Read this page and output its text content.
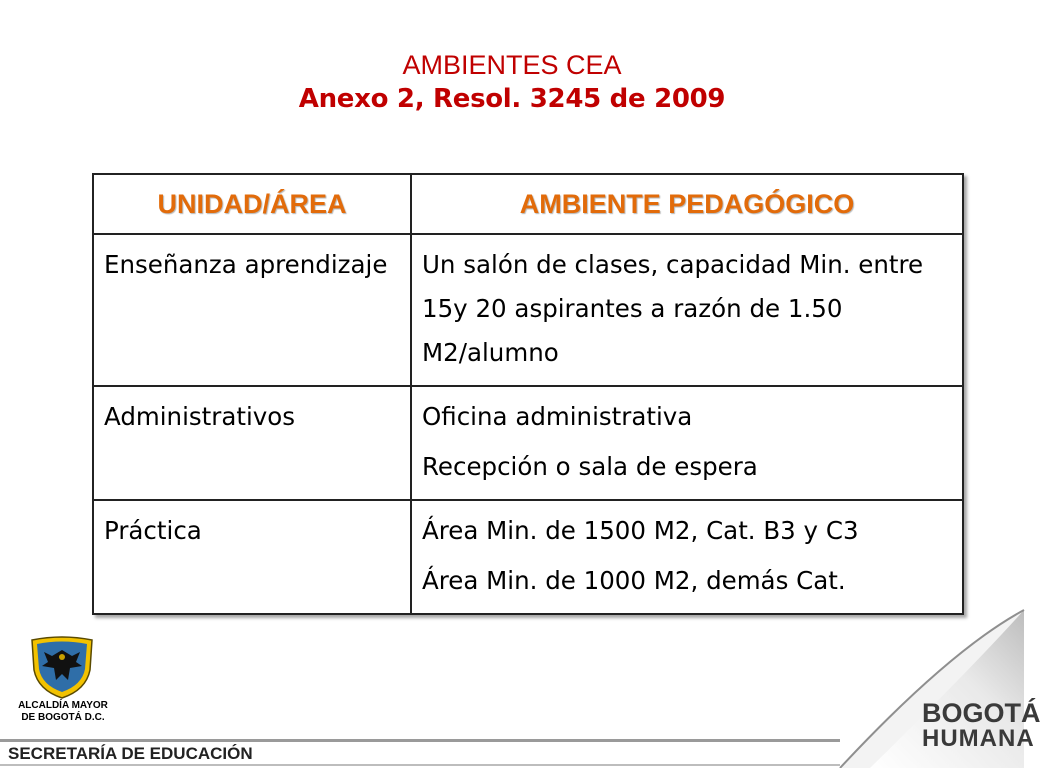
AMBIENTES CEA
Anexo 2, Resol. 3245 de 2009
UNIDAD/ÁREA	AMBIENTE PEDAGÓGICO
Enseñanza aprendizaje	Un salón de clases, capacidad Min. entre 15y 20 aspirantes a razón de 1.50 M2/alumno
Administrativos	Oficina administrativa
Recepción o sala de espera

Práctica	Área Min. de 1500 M2, Cat. B3 y C3
Área Min. de 1000 M2, demás Cat.
ALCALDÍA MAYOR
DE BOGOTÁ D.C.	BOGOTÁ
HUMANA
SECRETARÍA DE EDUCACIÓN
